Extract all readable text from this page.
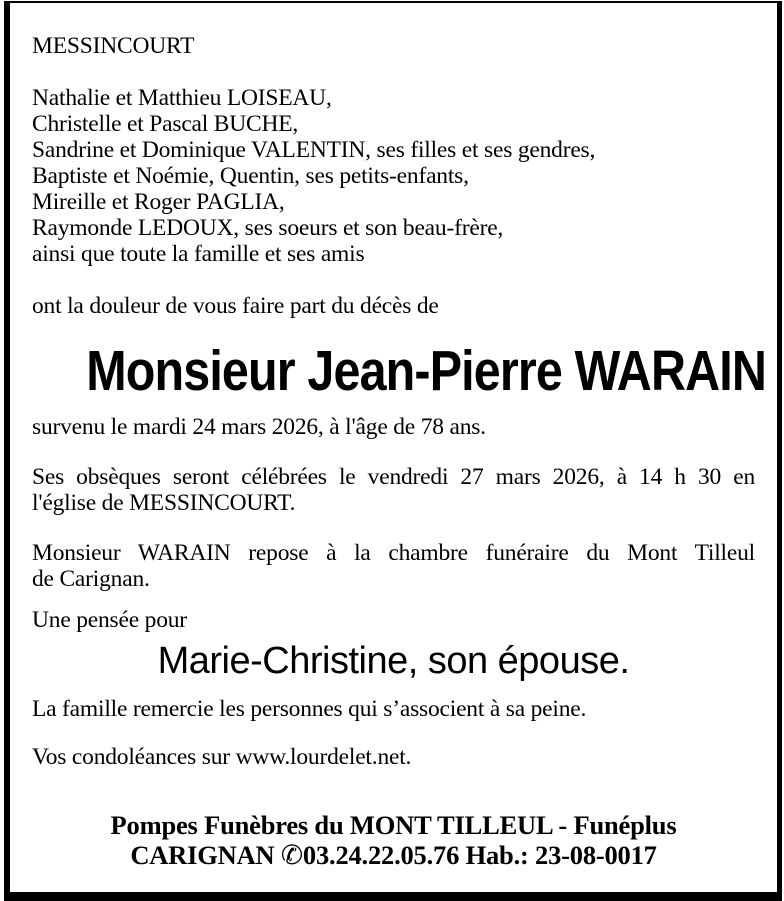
MESSINCOURT
Nathalie et Matthieu LOISEAU,
Christelle et Pascal BUCHE,
Sandrine et Dominique VALENTIN, ses filles et ses gendres,
Baptiste et Noémie, Quentin, ses petits-enfants,
Mireille et Roger PAGLIA,
Raymonde LEDOUX, ses soeurs et son beau-frère,
ainsi que toute la famille et ses amis

ont la douleur de vous faire part du décès de

Monsieur Jean-Pierre WARAIN

survenu le mardi 24 mars 2026, à l'âge de 78 ans.

Ses obsèques seront célébrées le vendredi 27 mars 2026, à 14 h 30 en
l'église de MESSINCOURT.
Monsieur WARAIN repose à la chambre funéraire du Mont Tilleul
de Carignan.

Une pensée pour

Marie-Christine, son épouse.

La famille remercie les personnes qui s’associent à sa peine.

Vos condoléances sur www.lourdelet.net.

Pompes Funèbres du MONT TILLEUL - Funéplus
CARIGNAN ✆03.24.22.05.76 Hab.: 23-08-0017
